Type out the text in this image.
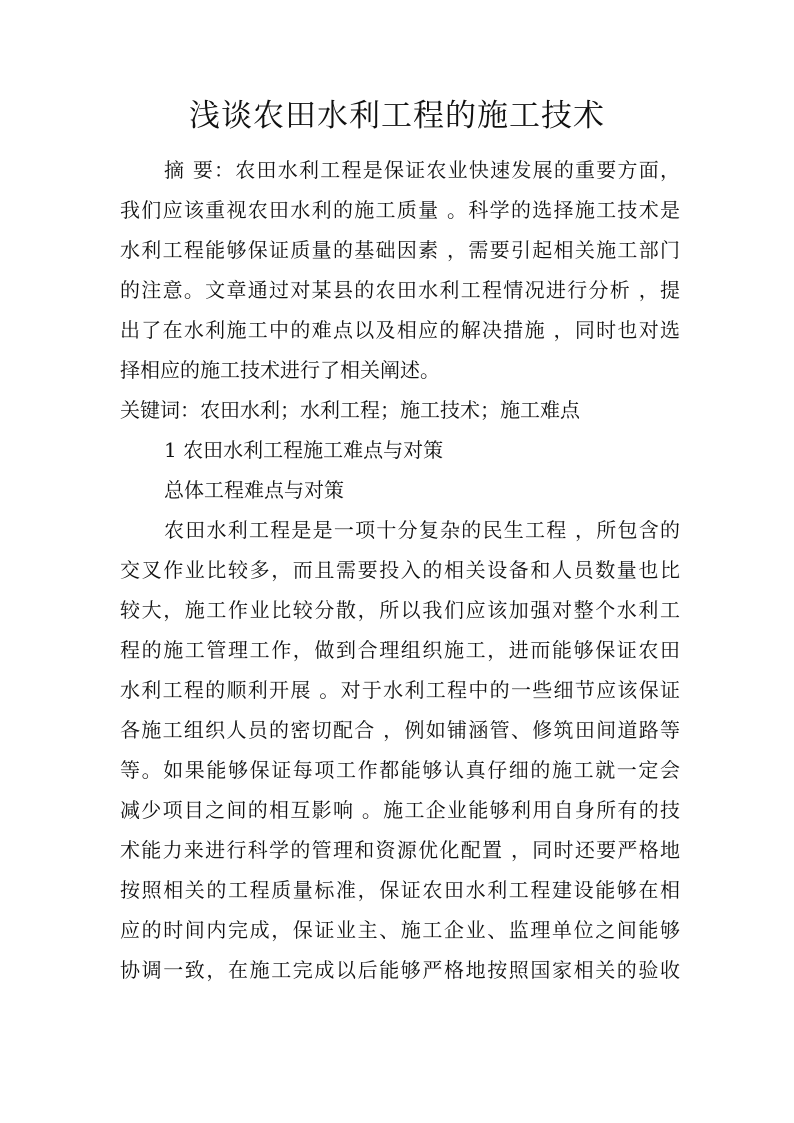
浅谈农田水利工程的施工技术

摘 要：农田水利工程是保证农业快速发展的重要方面，

我们应该重视农田水利的施工质量 。科学的选择施工技术是

水利工程能够保证质量的基础因素 ，需要引起相关施工部门

的注意。文章通过对某县的农田水利工程情况进行分析 ，提

出了在水利施工中的难点以及相应的解决措施 ，同时也对选

择相应的施工技术进行了相关阐述。

关键词：农田水利；水利工程；施工技术；施工难点

1 农田水利工程施工难点与对策

总体工程难点与对策

农田水利工程是是一项十分复杂的民生工程 ，所包含的

交叉作业比较多，而且需要投入的相关设备和人员数量也比

较大，施工作业比较分散，所以我们应该加强对整个水利工

程的施工管理工作，做到合理组织施工，进而能够保证农田

水利工程的顺利开展 。对于水利工程中的一些细节应该保证

各施工组织人员的密切配合 ，例如铺涵管、修筑田间道路等

等。如果能够保证每项工作都能够认真仔细的施工就一定会

减少项目之间的相互影响 。施工企业能够利用自身所有的技

术能力来进行科学的管理和资源优化配置 ，同时还要严格地

按照相关的工程质量标准，保证农田水利工程建设能够在相

应的时间内完成，保证业主、施工企业、监理单位之间能够

协调一致，在施工完成以后能够严格地按照国家相关的验收
